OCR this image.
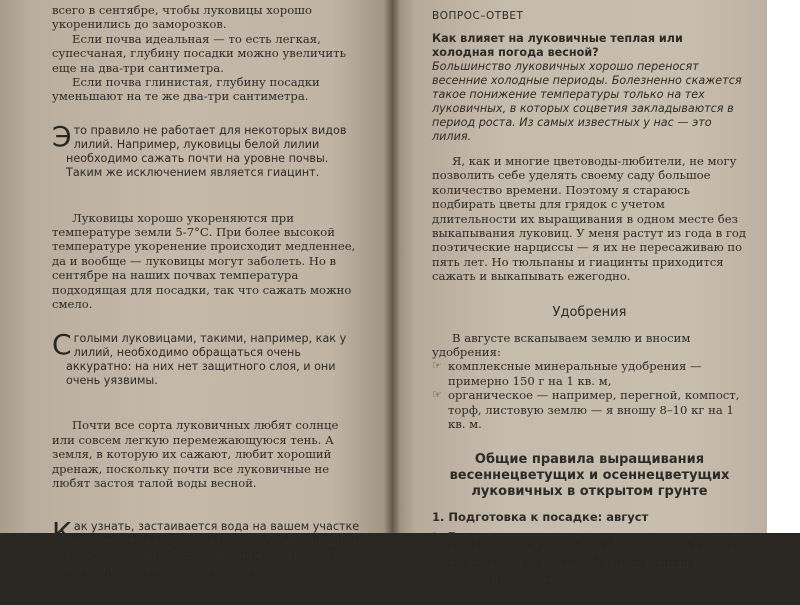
всего в сентябре, чтобы луковицы хорошо укоренились до заморозков.

Если почва идеальная — то есть легкая, супесчаная, глубину посадки можно увеличить еще на два-три сантиметра.

Если почва глинистая, глубину посадки уменьшают на те же два-три сантиметра.

Это правило не работает для некоторых видов лилий. Например, луковицы белой лилии необходимо сажать почти на уровне почвы. Таким же исключением является гиацинт.

Луковицы хорошо укореняются при температуре земли 5-7°С. При более высокой температуре укоренение происходит медленнее, да и вообще — луковицы могут заболеть. Но в сентябре на наших почвах температура подходящая для посадки, так что сажать можно смело.

Сголыми луковицами, такими, например, как у лилий, необходимо обращаться очень аккуратно: на них нет защитного слоя, и они очень уязвимы.

Почти все сорта луковичных любят солнце или совсем легкую перемежающуюся тень. А земля, в которую их сажают, любит хороший дренаж, поскольку почти все луковичные не любят застоя талой воды весной.

Как узнать, застаивается вода на вашем участке или нет? Нужно выкопать лунку глубиной 20 см и наполнить водой. Если дренаж почвы хороший, через полчаса воды в лунке почти не останется.

ВОПРОС–ОТВЕТ

Как влияет на луковичные теплая или холодная погода весной?

Большинство луковичных хорошо переносят весенние холодные периоды. Болезненно скажется такое понижение температуры только на тех луковичных, в которых соцветия закладываются в период роста. Из самых известных у нас — это лилия.

Я, как и многие цветоводы-любители, не могу позволить себе уделять своему саду большое количество времени. Поэтому я стараюсь подбирать цветы для грядок с учетом длительности их выращивания в одном месте без выкапывания луковиц. У меня растут из года в год поэтические нарциссы — я их не пересаживаю по пять лет. Но тюльпаны и гиацинты приходится сажать и выкапывать ежегодно.

Удобрения

В августе вскапываем землю и вносим удобрения:

☞ комплексные минеральные удобрения — примерно 150 г на 1 кв. м,

☞ органическое — например, перегной, компост, торф, листовую землю — я вношу 8–10 кг на 1 кв. м.

Общие правила выращивания весеннецветущих и осеннецветущих луковичных в открытом грунте
1. Подготовка к посадке: август

☞ Вот мы впервые держим в руках луковицы — то ли тюльпанов, то ли нарциссов, то ли лилий, то ли крокусов — неважно. Мы их купили в магазине, заказали по

2*
